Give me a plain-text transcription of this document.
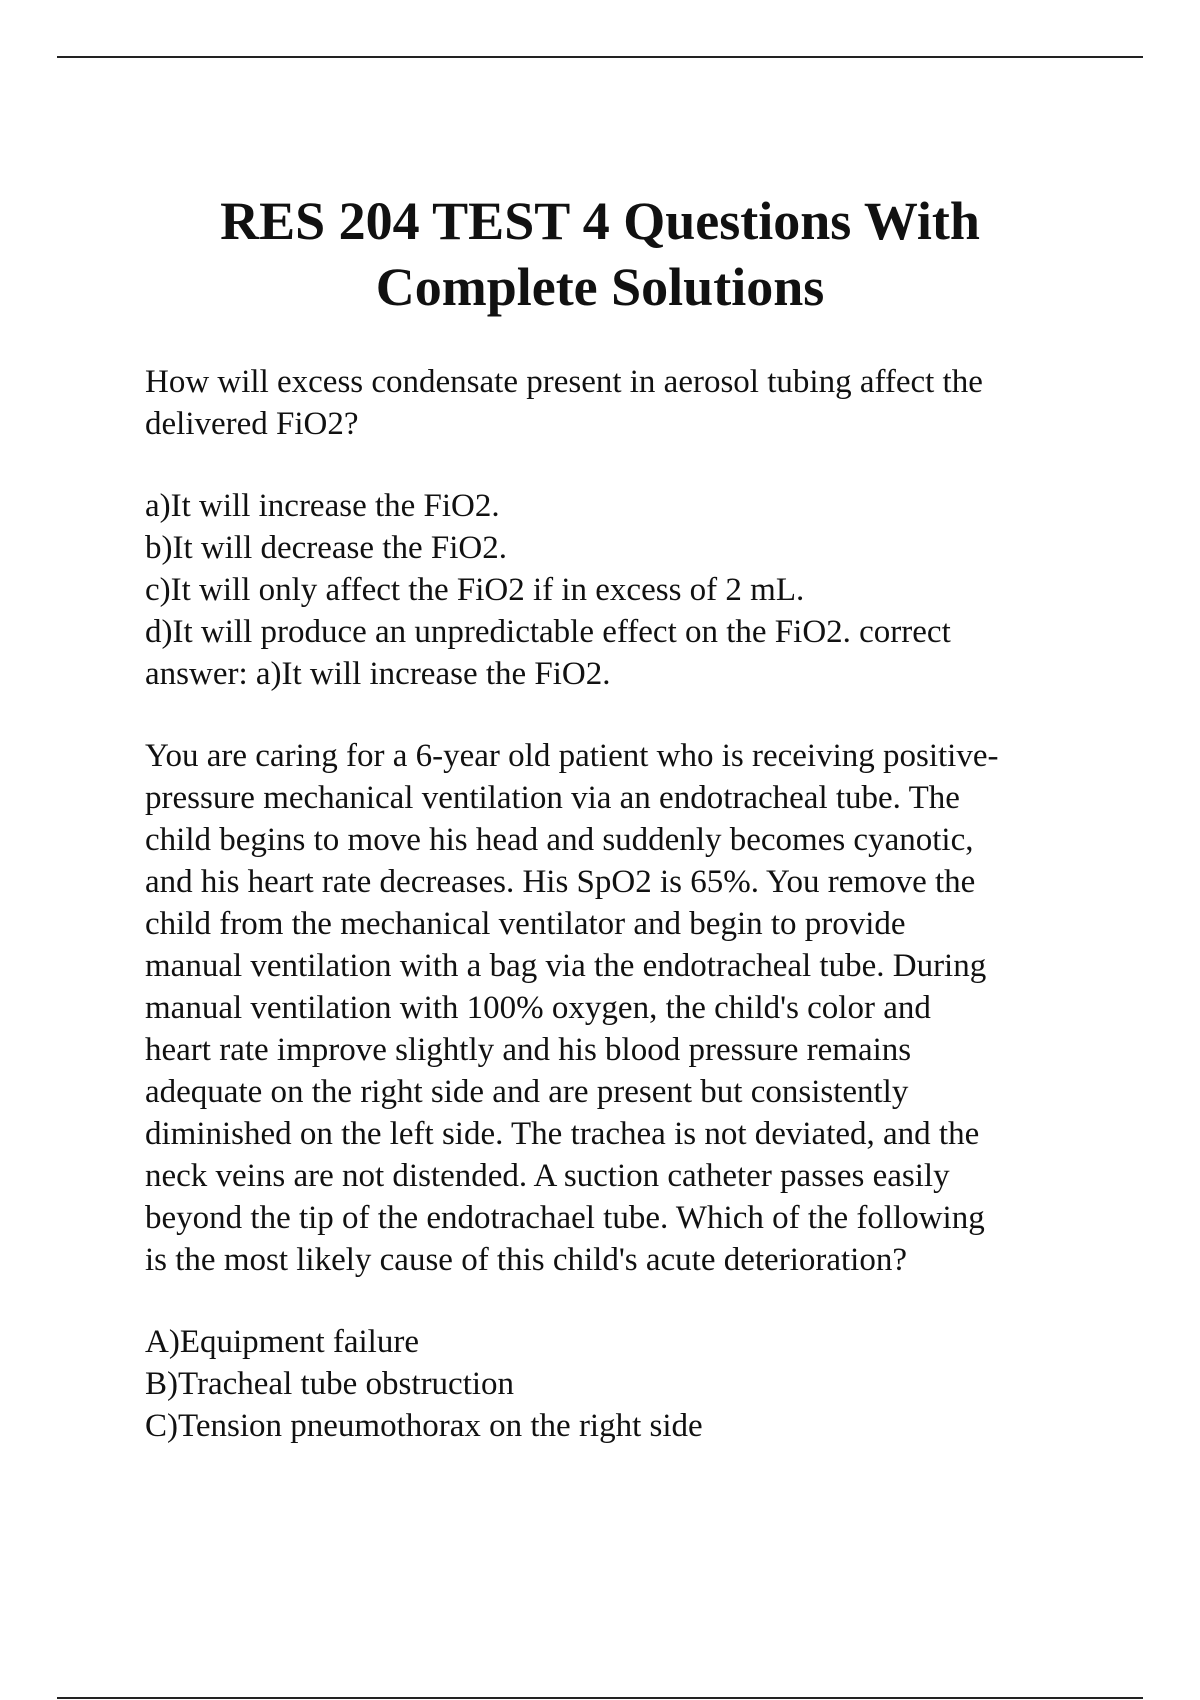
RES 204 TEST 4 Questions With
Complete Solutions
How will excess condensate present in aerosol tubing affect the
delivered FiO2?
a)It will increase the FiO2.
b)It will decrease the FiO2.
c)It will only affect the FiO2 if in excess of 2 mL.
d)It will produce an unpredictable effect on the FiO2. correct
answer: a)It will increase the FiO2.
You are caring for a 6-year old patient who is receiving positive-
pressure mechanical ventilation via an endotracheal tube. The
child begins to move his head and suddenly becomes cyanotic,
and his heart rate decreases. His SpO2 is 65%. You remove the
child from the mechanical ventilator and begin to provide
manual ventilation with a bag via the endotracheal tube. During
manual ventilation with 100% oxygen, the child's color and
heart rate improve slightly and his blood pressure remains
adequate on the right side and are present but consistently
diminished on the left side. The trachea is not deviated, and the
neck veins are not distended. A suction catheter passes easily
beyond the tip of the endotrachael tube. Which of the following
is the most likely cause of this child's acute deterioration?
A)Equipment failure
B)Tracheal tube obstruction
C)Tension pneumothorax on the right side
